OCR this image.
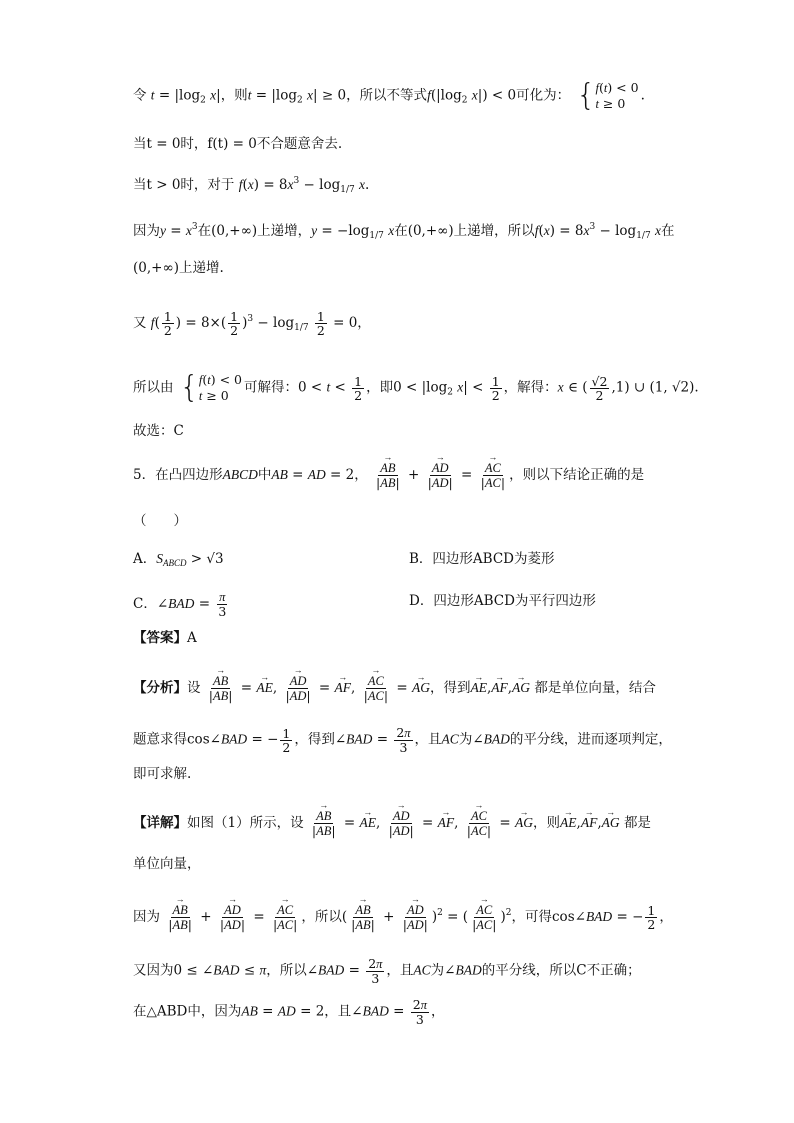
令 $t = |\log_2$ x|，则$t = |\log_2$ x| ≥ 0，所以不等式$f(|\log_2$ x|) < 0可化为： { f(t) < 0
t ≥ 0	.
当t = 0时，f(t) = 0不合题意舍去.
当t > 0时，对于 $f(x) = 8x^3 - \log_{1/7} x$.
因为$y = x^3$在(0,+∞)上递增，$y = -\log_{1/7}$ x在(0,+∞)上递增，所以$f(x) = 8x^3 - \log_{1/7} x$在
(0,+∞)上递增.
又 $f( \frac{1}{2}$ ) = $8\times( \frac{1}{2} )^3 - \log_{1/7} \frac{1}{2} = 0$，
所以由 { f(t) < 0
t ≥ 0	可解得：$0 < t < \frac{1}{2}$ ，即$0 < |\log_2$ $x| < \frac{1}{2}$ ，解得：x ∈ ( $\frac{√2}{2} ,1$) ∪ (1, √2).
故选：C
5．在凸四边形ABCD中AB = AD = 2， → $\frac{AB}{|AB|}$ + → $\frac{AD}{|AD|}$ = → $\frac{AC}{|AC|}$ ，则以下结论正确的是
（　　）
A．$S_{ABCD} > √3$	B．四边形ABCD为菱形
C．∠BAD = $\frac{\pi}{3}$	D．四边形ABCD为平行四边形
【答案】A
【分析】设 → $\frac{AB}{|AB|}$ = → AE, → $\frac{AD}{|AD|}$ = → AF, → $\frac{AC}{|AC|}$ = → AG，得到→ AE,→ AF,→ AG 都是单位向量，结合
题意求得cos∠BAD = − $\frac{1}{2}$ ，得到∠BAD = $\frac{2\pi}{3}$ ，且AC为∠BAD的平分线，进而逐项判定，
即可求解.
【详解】如图（1）所示，设 → $\frac{AB}{|AB|}$ = → AE, → $\frac{AD}{|AD|}$ = → AF, → $\frac{AC}{|AC|}$ = → AG，则→ AE,→ AF,→ AG 都是
单位向量，
因为 → $\frac{AB}{|AB|}$ + → $\frac{AD}{|AD|}$ = → $\frac{AC}{|AC|}$ ，所以( → $\frac{AB}{|AB|}$ + → $\frac{AD}{|AD|} )^2$ = ( → $\frac{AC}{|AC|} )^2$，可得cos∠BAD = − $\frac{1}{2}$ ，
又因为0 ≤ ∠BAD ≤ π，所以∠BAD = $\frac{2\pi}{3}$ ，且AC为∠BAD的平分线，所以C不正确；
在△ABD中，因为AB = AD = 2，且∠BAD = $\frac{2\pi}{3}$ ，
